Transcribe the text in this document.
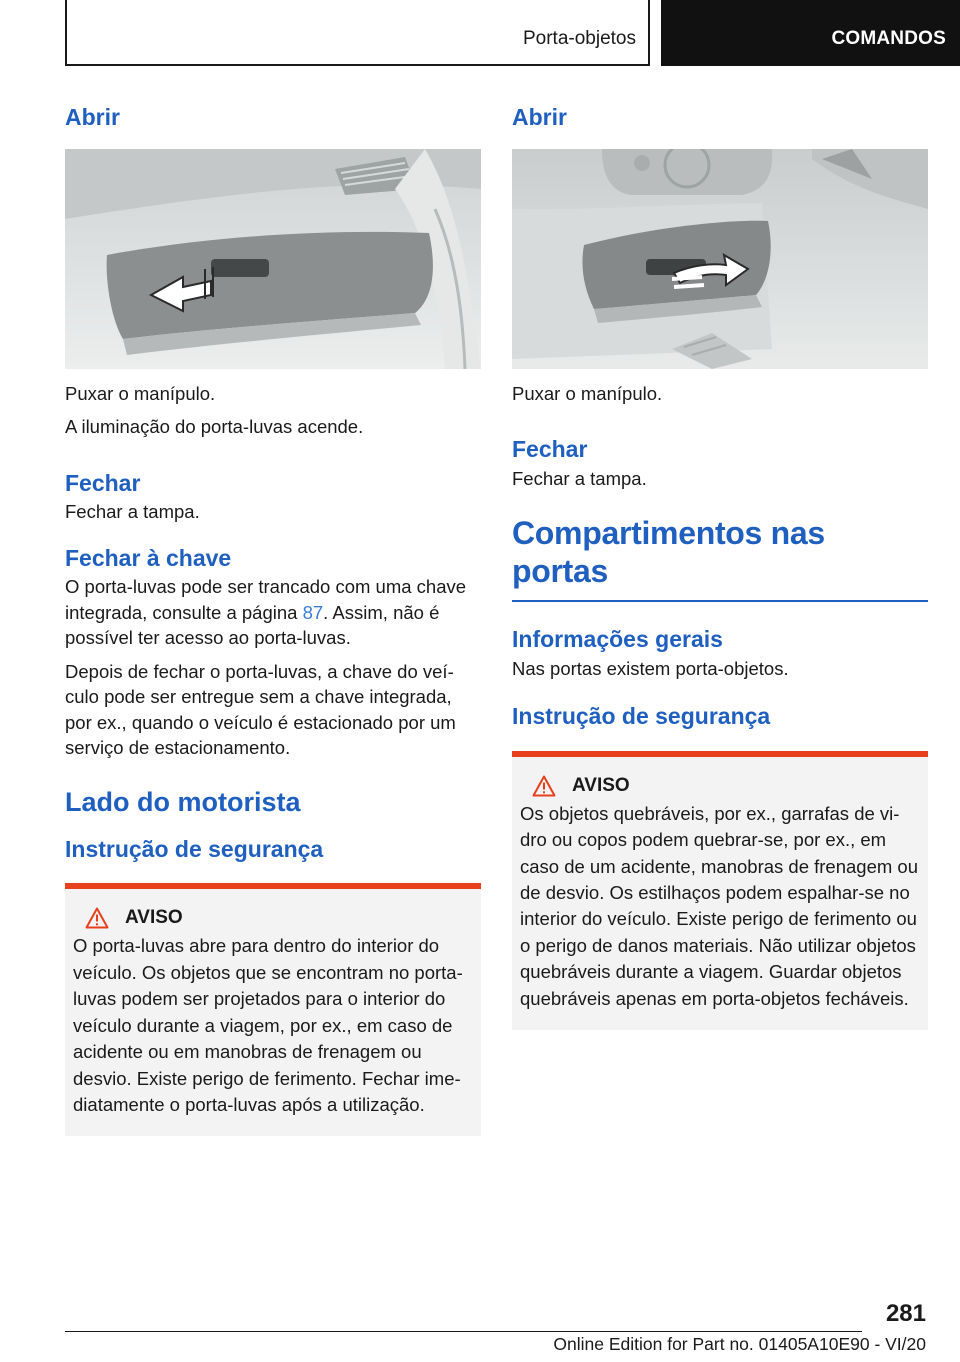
Porta-objetos	COMANDOS
Abrir

Puxar o manípulo.

A iluminação do porta-luvas acende.

Fechar

Fechar a tampa.

Fechar à chave

O porta-luvas pode ser trancado com uma chave integrada, consulte a página 87. Assim, não é possível ter acesso ao porta-luvas.

Depois de fechar o porta-luvas, a chave do veículo pode ser entregue sem a chave integrada, por ex., quando o veículo é estacionado por um serviço de estacionamento.

Lado do motorista
Instrução de segurança
AVISO

O porta-luvas abre para dentro do interior do veículo. Os objetos que se encontram no porta-luvas podem ser projetados para o interior do veículo durante a viagem, por ex., em caso de acidente ou em manobras de frenagem ou desvio. Existe perigo de ferimento. Fechar imediatamente o porta-luvas após a utilização.

Abrir

Puxar o manípulo.

Fechar

Fechar a tampa.

Compartimentos nas
portas
Informações gerais

Nas portas existem porta-objetos.

Instrução de segurança
AVISO

Os objetos quebráveis, por ex., garrafas de vidro ou copos podem quebrar-se, por ex., em caso de um acidente, manobras de frenagem ou de desvio. Os estilhaços podem espalhar-se no interior do veículo. Existe perigo de ferimento ou o perigo de danos materiais. Não utilizar objetos quebráveis durante a viagem. Guardar objetos quebráveis apenas em porta-objetos fecháveis.

281
Online Edition for Part no. 01405A10E90 - VI/20
